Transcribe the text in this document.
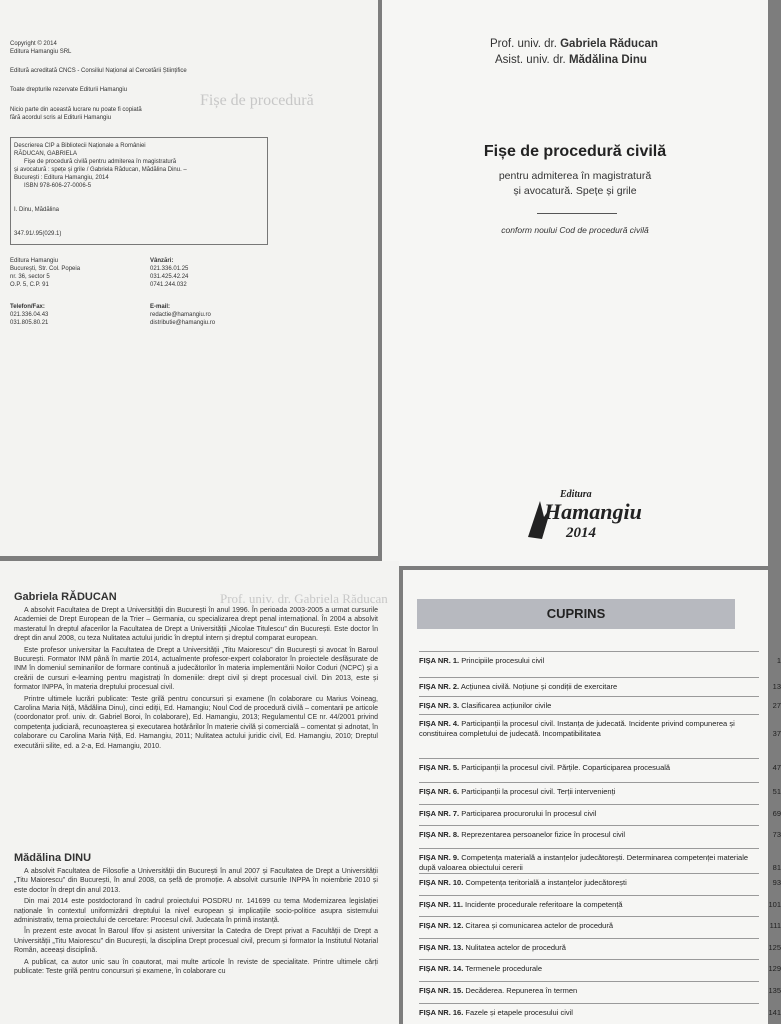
Fișe de procedură
Copyright © 2014
Editura Hamangiu SRL
Editură acreditată CNCS - Consiliul Național al Cercetării Științifice
Toate drepturile rezervate Editurii Hamangiu
Nicio parte din această lucrare nu poate fi copiată
fără acordul scris al Editurii Hamangiu
Descrierea CIP a Bibliotecii Naționale a României
RĂDUCAN, GABRIELA
Fișe de procedură civilă pentru admiterea în magistratură
și avocatură : spețe și grile / Gabriela Răducan, Mădălina Dinu. –
București : Editura Hamangiu, 2014
ISBN 978-606-27-0006-5
I. Dinu, Mădălina
347.91/.95(029.1)
Editura Hamangiu
București, Str. Col. Popeia
nr. 36, sector 5
O.P. 5, C.P. 91
Telefon/Fax:
021.336.04.43
031.805.80.21
Vânzări:
021.336.01.25
031.425.42.24
0741.244.032
E-mail:
redactie@hamangiu.ro
distributie@hamangiu.ro
Prof. univ. dr. Gabriela Răducan
Asist. univ. dr. Mădălina Dinu
Fișe de procedură civilă
pentru admiterea în magistratură
și avocatură. Spețe și grile
conform noului Cod de procedură civilă
Editura
Hamangiu
2014
Prof. univ. dr. Gabriela Răducan
Gabriela RĂDUCAN

A absolvit Facultatea de Drept a Universității din București în anul 1996. În perioada 2003-2005 a urmat cursurile Academiei de Drept European de la Trier – Germania, cu specializarea drept penal internațional. În 2004 a absolvit masteratul în dreptul afacerilor la Facultatea de Drept a Universității „Nicolae Titulescu” din București. Este doctor în drept din anul 2008, cu teza Nulitatea actului juridic în dreptul intern și dreptul comparat european.

Este profesor universitar la Facultatea de Drept a Universității „Titu Maiorescu” din București și avocat în Baroul București. Formator INM până în martie 2014, actualmente profesor-expert colaborator în proiectele desfășurate de INM în domeniul seminariilor de formare continuă a judecătorilor în materia implementării Noilor Coduri (NCPC) și a creării de cursuri e-learning pentru magistrați în domeniile: drept civil și drept procesual civil. Din 2013, este și formator INPPA, în materia dreptului procesual civil.

Printre ultimele lucrări publicate: Teste grilă pentru concursuri și examene (în colaborare cu Marius Voineag, Carolina Maria Niță, Mădălina Dinu), cinci ediții, Ed. Hamangiu; Noul Cod de procedură civilă – comentarii pe articole (coordonator prof. univ. dr. Gabriel Boroi, în colaborare), Ed. Hamangiu, 2013; Regulamentul CE nr. 44/2001 privind competența judiciară, recunoașterea și executarea hotărârilor în materie civilă și comercială – comentat și adnotat, în colaborare cu Carolina Maria Niță, Ed. Hamangiu, 2011; Nulitatea actului juridic civil, Ed. Hamangiu, 2010; Dreptul executării silite, ed. a 2-a, Ed. Hamangiu, 2010.

Mădălina DINU

A absolvit Facultatea de Filosofie a Universității din București în anul 2007 și Facultatea de Drept a Universității „Titu Maiorescu” din București, în anul 2008, ca șefă de promoție. A absolvit cursurile INPPA în noiembrie 2010 și este doctor în drept din anul 2013.

Din mai 2014 este postdoctorand în cadrul proiectului POSDRU nr. 141699 cu tema Modernizarea legislației naționale în contextul uniformizării dreptului la nivel european și implicațiile socio-politice asupra sistemului administrativ, tema proiectului de cercetare: Procesul civil. Judecata în primă instanță.

În prezent este avocat în Baroul Ilfov și asistent universitar la Catedra de Drept privat a Facultății de Drept a Universității „Titu Maiorescu” din București, la disciplina Drept procesual civil, precum și formator la Institutul Notarial Român, aceeași disciplină.

A publicat, ca autor unic sau în coautorat, mai multe articole în reviste de specialitate. Printre ultimele cărți publicate: Teste grilă pentru concursuri și examene, în colaborare cu

CUPRINS
FIȘA NR. 1. Principiile procesului civil	1
FIȘA NR. 2. Acțiunea civilă. Noțiune și condiții de exercitare	13
FIȘA NR. 3. Clasificarea acțiunilor civile	27
FIȘA NR. 4. Participanții la procesul civil. Instanța de judecată. Incidente privind compunerea și constituirea completului de judecată. Incompatibilitatea	37
FIȘA NR. 5. Participanții la procesul civil. Părțile. Coparticiparea procesuală	47
FIȘA NR. 6. Participanții la procesul civil. Terții intervenienți	51
FIȘA NR. 7. Participarea procurorului în procesul civil	69
FIȘA NR. 8. Reprezentarea persoanelor fizice în procesul civil	73
FIȘA NR. 9. Competența materială a instanțelor judecătorești. Determinarea competenței materiale după valoarea obiectului cererii	81
FIȘA NR. 10. Competența teritorială a instanțelor judecătorești	93
FIȘA NR. 11. Incidente procedurale referitoare la competență	101
FIȘA NR. 12. Citarea și comunicarea actelor de procedură	111
FIȘA NR. 13. Nulitatea actelor de procedură	125
FIȘA NR. 14. Termenele procedurale	129
FIȘA NR. 15. Decăderea. Repunerea în termen	135
FIȘA NR. 16. Fazele și etapele procesului civil	141
